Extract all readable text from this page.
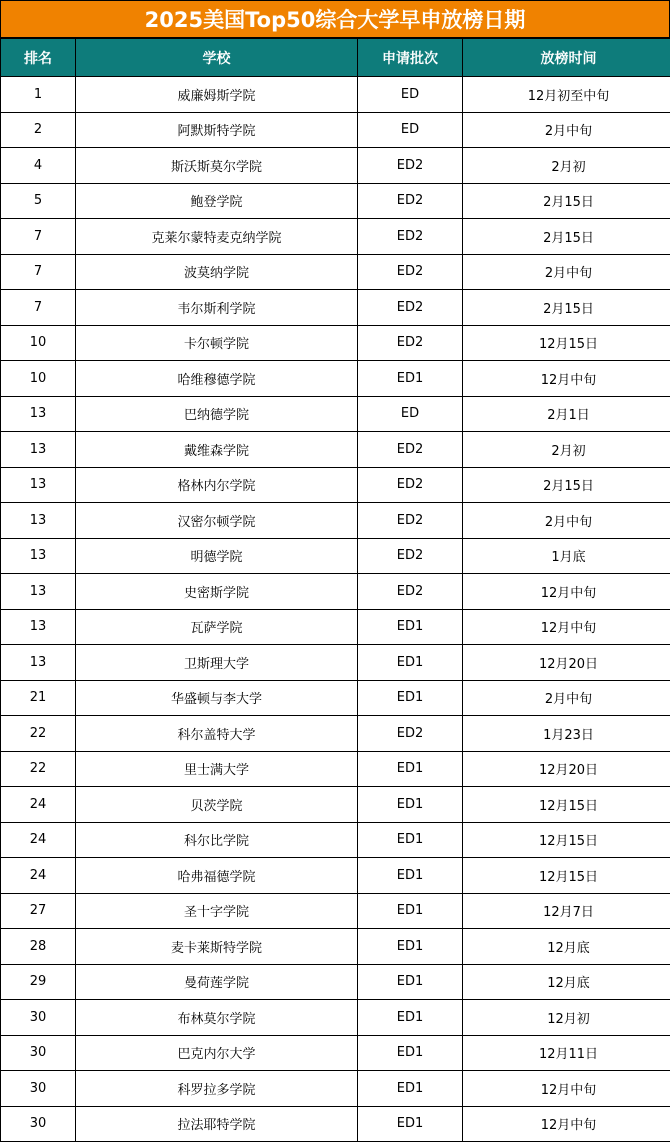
2025美国Top50综合大学早申放榜日期
排名	学校	申请批次	放榜时间
1	威廉姆斯学院	ED	12月初至中旬
2	阿默斯特学院	ED	2月中旬
4	斯沃斯莫尔学院	ED2	2月初
5	鲍登学院	ED2	2月15日
7	克莱尔蒙特麦克纳学院	ED2	2月15日
7	波莫纳学院	ED2	2月中旬
7	韦尔斯利学院	ED2	2月15日
10	卡尔顿学院	ED2	12月15日
10	哈维穆德学院	ED1	12月中旬
13	巴纳德学院	ED	2月1日
13	戴维森学院	ED2	2月初
13	格林内尔学院	ED2	2月15日
13	汉密尔顿学院	ED2	2月中旬
13	明德学院	ED2	1月底
13	史密斯学院	ED2	12月中旬
13	瓦萨学院	ED1	12月中旬
13	卫斯理大学	ED1	12月20日
21	华盛顿与李大学	ED1	2月中旬
22	科尔盖特大学	ED2	1月23日
22	里士满大学	ED1	12月20日
24	贝茨学院	ED1	12月15日
24	科尔比学院	ED1	12月15日
24	哈弗福德学院	ED1	12月15日
27	圣十字学院	ED1	12月7日
28	麦卡莱斯特学院	ED1	12月底
29	曼荷莲学院	ED1	12月底
30	布林莫尔学院	ED1	12月初
30	巴克内尔大学	ED1	12月11日
30	科罗拉多学院	ED1	12月中旬
30	拉法耶特学院	ED1	12月中旬
